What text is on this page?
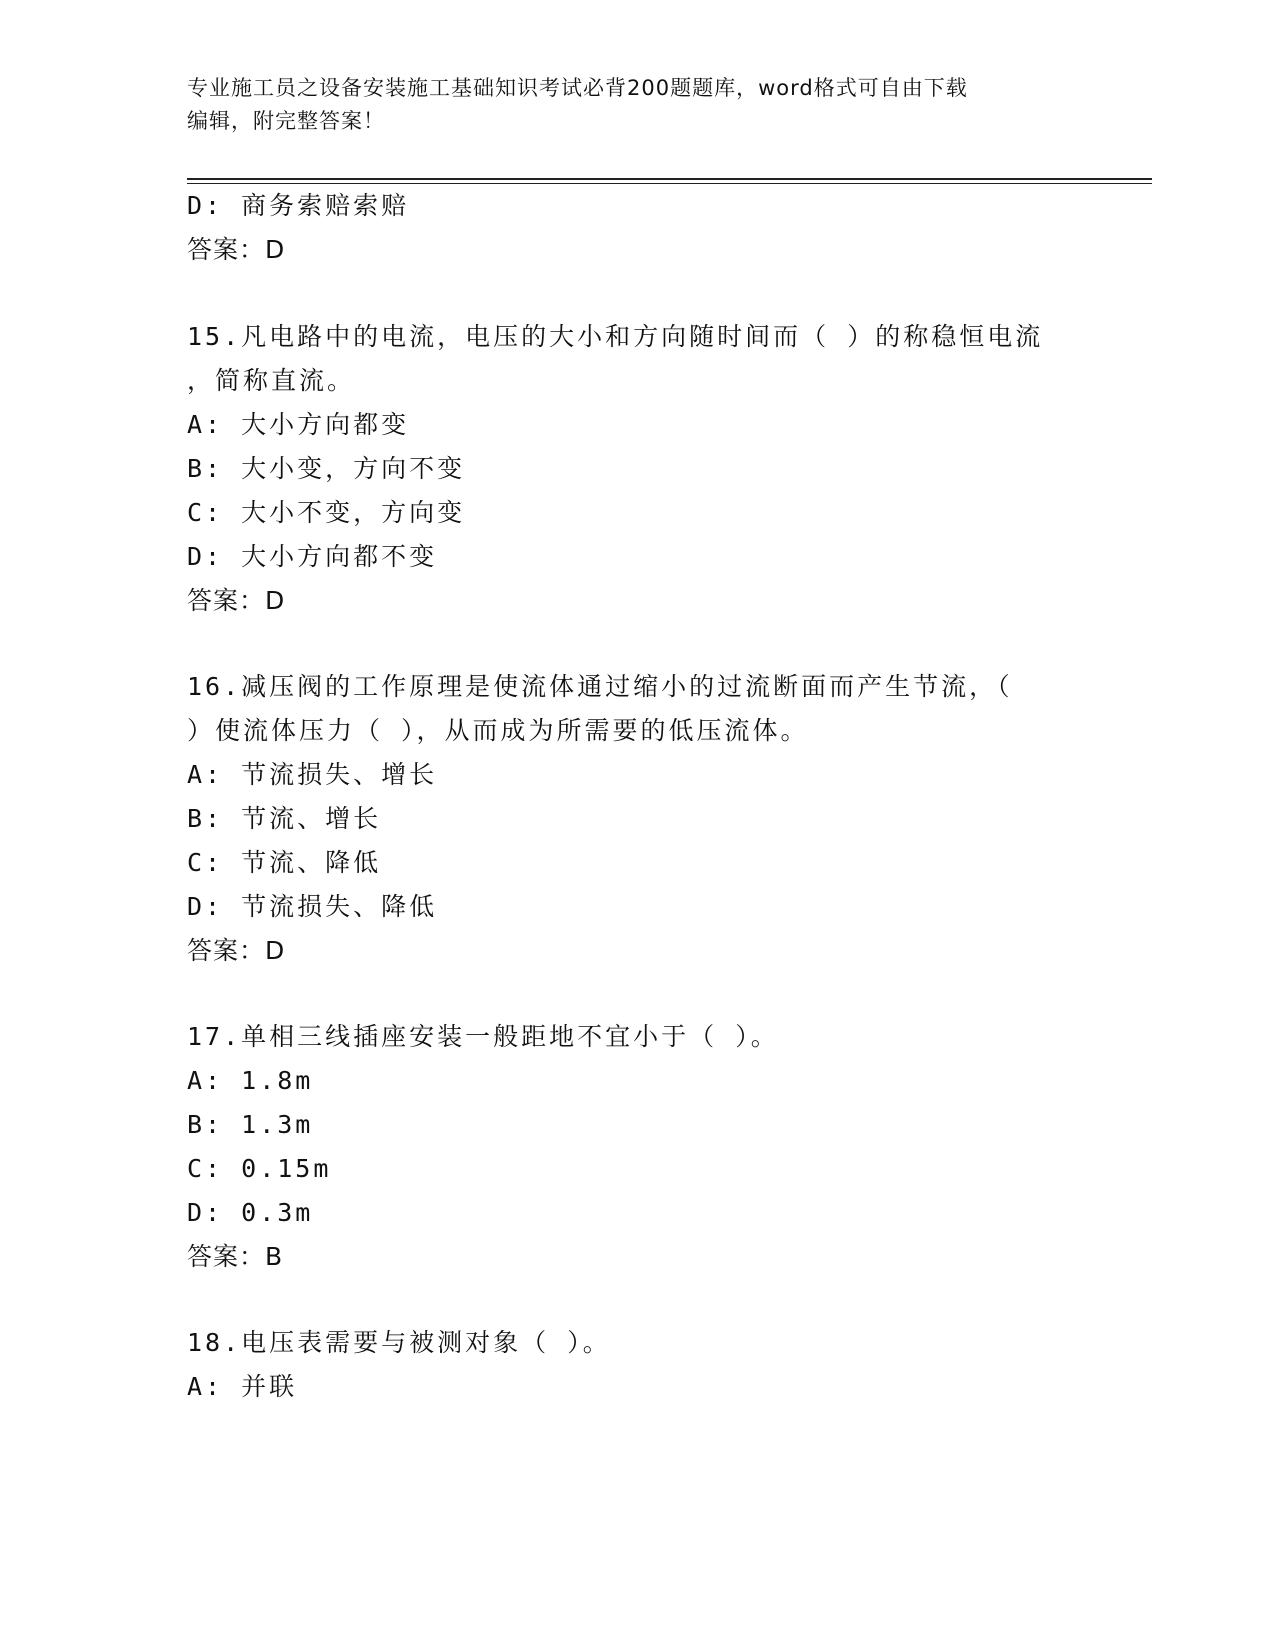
专业施工员之设备安装施工基础知识考试必背200题题库，word格式可自由下载
编辑，附完整答案！
D: 商务索赔索赔
答案：D
15.凡电路中的电流，电压的大小和方向随时间而（ ）的称稳恒电流
，简称直流。
A: 大小方向都变
B: 大小变，方向不变
C: 大小不变，方向变
D: 大小方向都不变
答案：D
16.减压阀的工作原理是使流体通过缩小的过流断面而产生节流，（
）使流体压力（ ），从而成为所需要的低压流体。
A: 节流损失、增长
B: 节流、增长
C: 节流、降低
D: 节流损失、降低
答案：D
17.单相三线插座安装一般距地不宜小于（ ）。
A: 1.8m
B: 1.3m
C: 0.15m
D: 0.3m
答案：B
18.电压表需要与被测对象（ ）。
A: 并联
